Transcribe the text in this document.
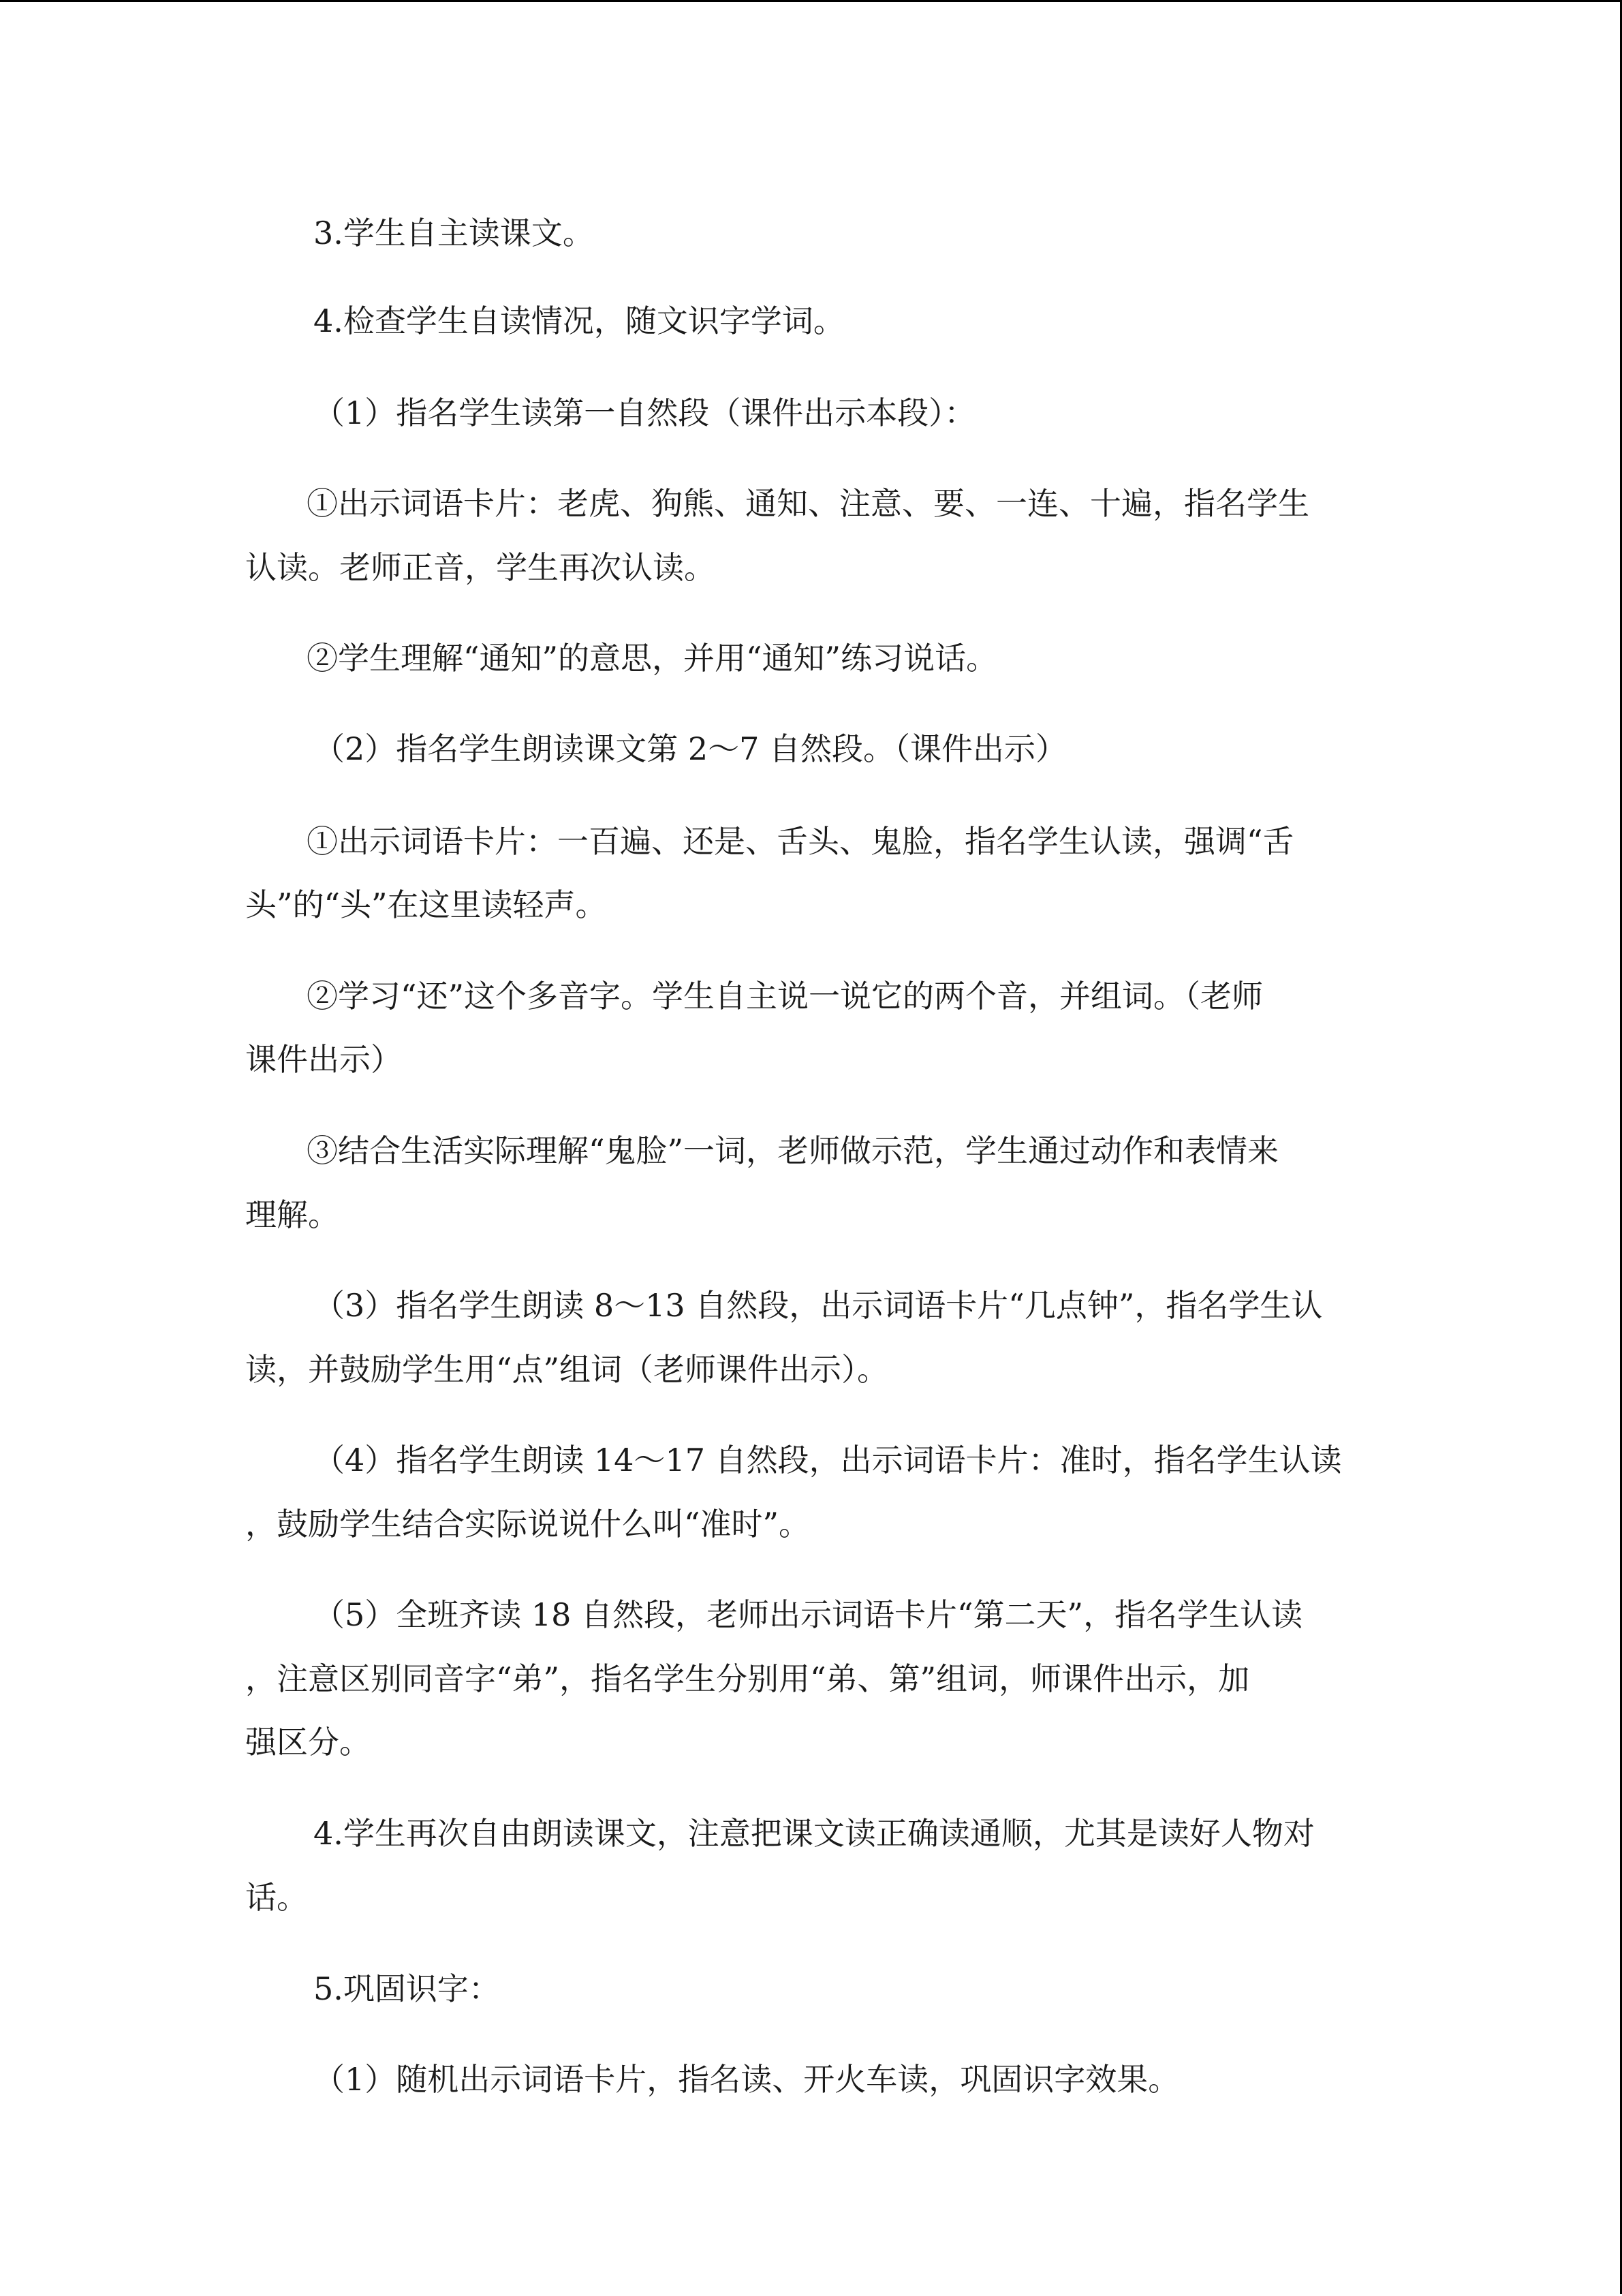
3.学生自主读课文。

4.检查学生自读情况，随文识字学词。

（1）指名学生读第一自然段（课件出示本段）：

①出示词语卡片：老虎、狗熊、通知、注意、要、一连、十遍，指名学生

认读。老师正音，学生再次认读。

②学生理解“通知”的意思，并用“通知”练习说话。

（2）指名学生朗读课文第 2～7 自然段。（课件出示）

①出示词语卡片：一百遍、还是、舌头、鬼脸，指名学生认读，强调“舌

头”的“头”在这里读轻声。

②学习“还”这个多音字。学生自主说一说它的两个音，并组词。（老师

课件出示）

③结合生活实际理解“鬼脸”一词，老师做示范，学生通过动作和表情来

理解。

（3）指名学生朗读 8～13 自然段，出示词语卡片“几点钟”，指名学生认

读，并鼓励学生用“点”组词（老师课件出示）。

（4）指名学生朗读 14～17 自然段，出示词语卡片：准时，指名学生认读

，鼓励学生结合实际说说什么叫“准时”。

（5）全班齐读 18 自然段，老师出示词语卡片“第二天”，指名学生认读

，注意区别同音字“弟”，指名学生分别用“弟、第”组词，师课件出示，加

强区分。

4.学生再次自由朗读课文，注意把课文读正确读通顺，尤其是读好人物对

话。

5.巩固识字：

（1）随机出示词语卡片，指名读、开火车读，巩固识字效果。
